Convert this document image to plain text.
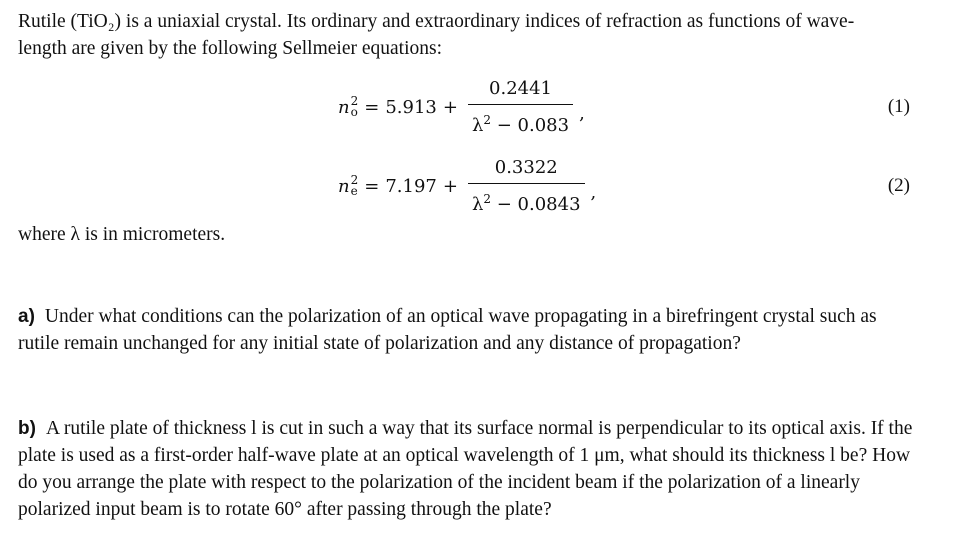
Rutile (TiO₂) is a uniaxial crystal. Its ordinary and extraordinary indices of refraction as functions of wave-
length are given by the following Sellmeier equations:

n 2
$o = 5.913 + \frac{0.2441}{\lambda^2 - 0.083}$ ,	(1)
n 2
$e = 7.197 + \frac{0.3322}{\lambda^2 - 0.0843}$ ,	(2)

where λ is in micrometers.

a) Under what conditions can the polarization of an optical wave propagating in a birefringent crystal such as rutile remain unchanged for any initial state of polarization and any distance of propagation?

b) A rutile plate of thickness l is cut in such a way that its surface normal is perpendicular to its optical axis. If the plate is used as a first-order half-wave plate at an optical wavelength of 1 μm, what should its thickness l be? How do you arrange the plate with respect to the polarization of the incident beam if the polarization of a linearly polarized input beam is to rotate 60° after passing through the plate?
